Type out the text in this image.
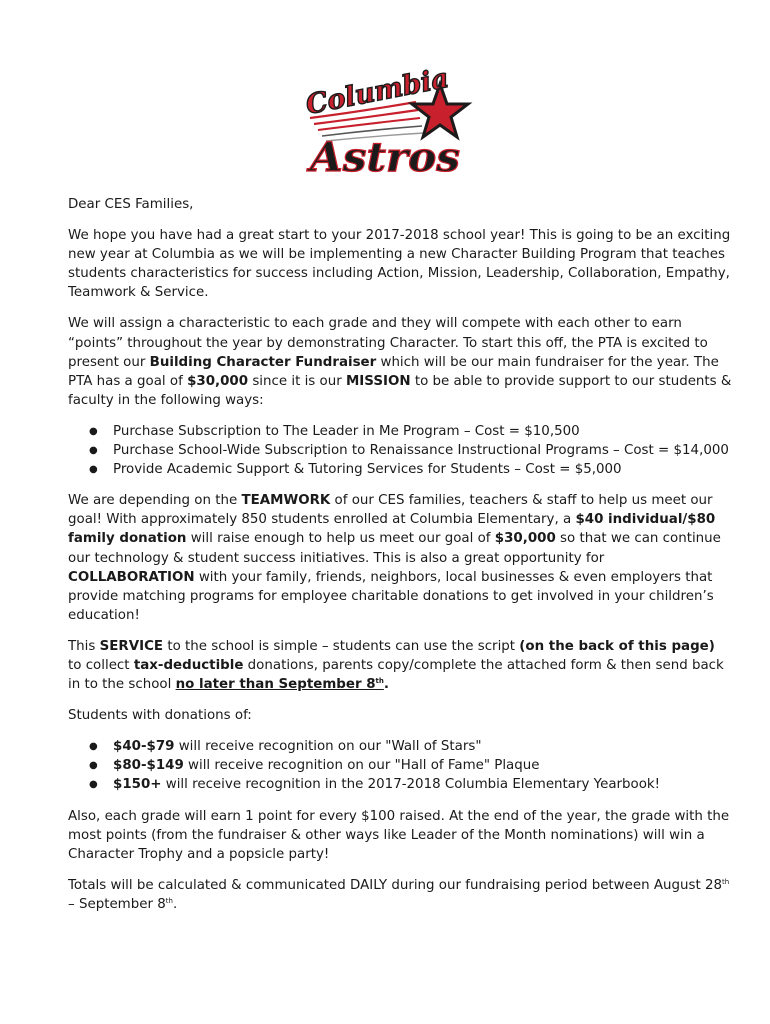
Columbia
Astros

Dear CES Families,

We hope you have had a great start to your 2017-2018 school year! This is going to be an exciting new year at Columbia as we will be implementing a new Character Building Program that teaches students characteristics for success including Action, Mission, Leadership, Collaboration, Empathy, Teamwork & Service.

We will assign a characteristic to each grade and they will compete with each other to earn “points” throughout the year by demonstrating Character. To start this off, the PTA is excited to present our Building Character Fundraiser which will be our main fundraiser for the year. The PTA has a goal of $30,000 since it is our MISSION to be able to provide support to our students & faculty in the following ways:

● Purchase Subscription to The Leader in Me Program – Cost = $10,500
● Purchase School-Wide Subscription to Renaissance Instructional Programs – Cost = $14,000
● Provide Academic Support & Tutoring Services for Students – Cost = $5,000

We are depending on the TEAMWORK of our CES families, teachers & staff to help us meet our goal! With approximately 850 students enrolled at Columbia Elementary, a $40 individual/$80 family donation will raise enough to help us meet our goal of $30,000 so that we can continue our technology & student success initiatives. This is also a great opportunity for COLLABORATION with your family, friends, neighbors, local businesses & even employers that provide matching programs for employee charitable donations to get involved in your children’s education!

This SERVICE to the school is simple – students can use the script (on the back of this page) to collect tax-deductible donations, parents copy/complete the attached form & then send back in to the school no later than September 8th.

Students with donations of:

● $40-$79 will receive recognition on our "Wall of Stars"
● $80-$149 will receive recognition on our "Hall of Fame" Plaque
● $150+ will receive recognition in the 2017-2018 Columbia Elementary Yearbook!

Also, each grade will earn 1 point for every $100 raised. At the end of the year, the grade with the most points (from the fundraiser & other ways like Leader of the Month nominations) will win a Character Trophy and a popsicle party!

Totals will be calculated & communicated DAILY during our fundraising period between August 28th – September 8th.
